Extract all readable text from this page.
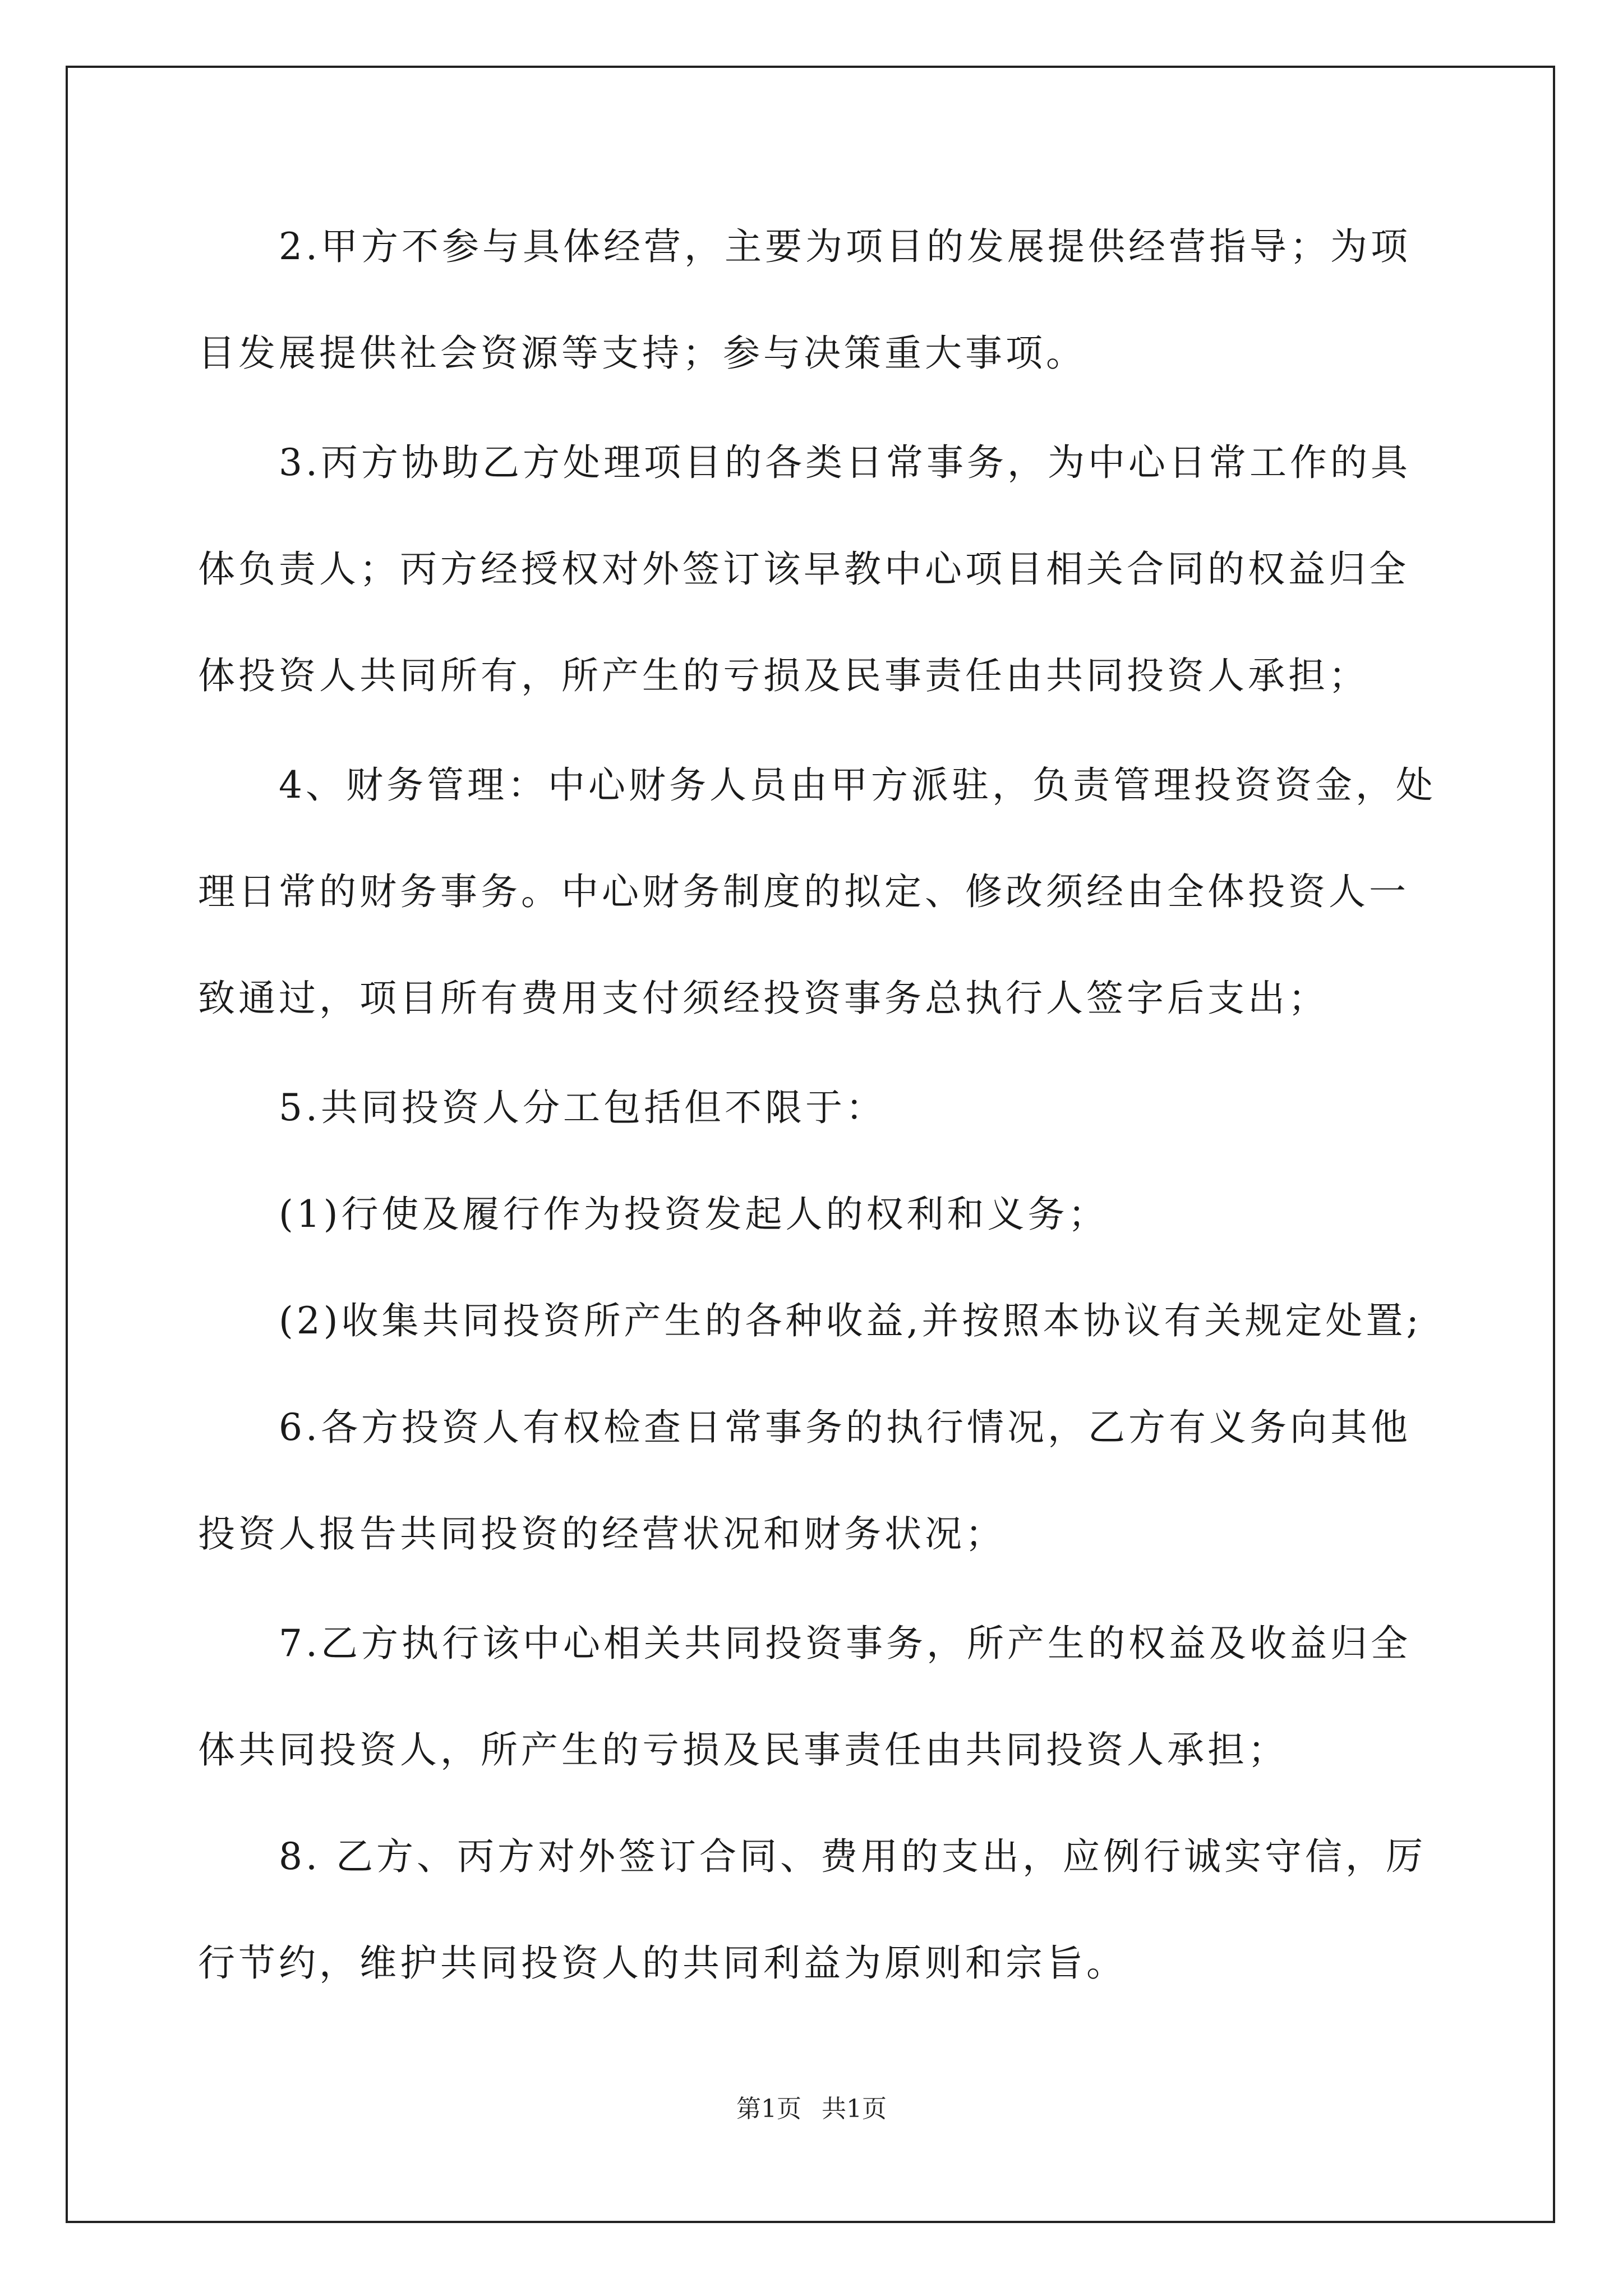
　　2.甲方不参与具体经营，主要为项目的发展提供经营指导；为项
目发展提供社会资源等支持；参与决策重大事项。
　　3.丙方协助乙方处理项目的各类日常事务，为中心日常工作的具
体负责人；丙方经授权对外签订该早教中心项目相关合同的权益归全
体投资人共同所有，所产生的亏损及民事责任由共同投资人承担；
　　4、财务管理：中心财务人员由甲方派驻，负责管理投资资金，处
理日常的财务事务。中心财务制度的拟定、修改须经由全体投资人一
致通过，项目所有费用支付须经投资事务总执行人签字后支出；
　　5.共同投资人分工包括但不限于：
　　(1)行使及履行作为投资发起人的权利和义务；
　　(2)收集共同投资所产生的各种收益,并按照本协议有关规定处置;
　　6.各方投资人有权检查日常事务的执行情况，乙方有义务向其他
投资人报告共同投资的经营状况和财务状况；
　　7.乙方执行该中心相关共同投资事务，所产生的权益及收益归全
体共同投资人，所产生的亏损及民事责任由共同投资人承担；
　　8. 乙方、丙方对外签订合同、费用的支出，应例行诚实守信，厉
行节约，维护共同投资人的共同利益为原则和宗旨。
第1页 共1页
